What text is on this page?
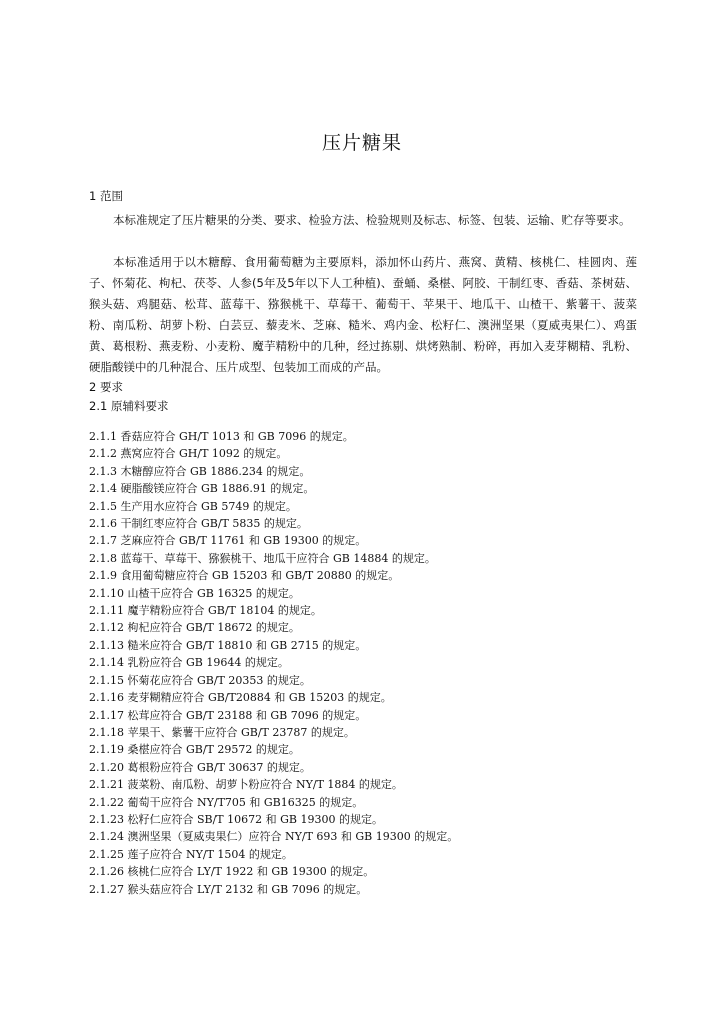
压片糖果
1 范围

本标准规定了压片糖果的分类、要求、检验方法、检验规则及标志、标签、包装、运输、贮存等要求。

本标准适用于以木糖醇、食用葡萄糖为主要原料，添加怀山药片、燕窝、黄精、核桃仁、桂圆肉、莲子、怀菊花、枸杞、茯苓、人参(5年及5年以下人工种植)、蚕蛹、桑椹、阿胶、干制红枣、香菇、茶树菇、猴头菇、鸡腿菇、松茸、蓝莓干、猕猴桃干、草莓干、葡萄干、苹果干、地瓜干、山楂干、紫薯干、菠菜粉、南瓜粉、胡萝卜粉、白芸豆、藜麦米、芝麻、糙米、鸡内金、松籽仁、澳洲坚果（夏威夷果仁）、鸡蛋黄、葛根粉、燕麦粉、小麦粉、魔芋精粉中的几种，经过拣剔、烘烤熟制、粉碎，再加入麦芽糊精、乳粉、硬脂酸镁中的几种混合、压片成型、包装加工而成的产品。

2 要求
2.1 原辅料要求
2.1.1 香菇应符合 GH/T 1013 和 GB 7096 的规定。
2.1.2 燕窝应符合 GH/T 1092 的规定。
2.1.3 木糖醇应符合 GB 1886.234 的规定。
2.1.4 硬脂酸镁应符合 GB 1886.91 的规定。
2.1.5 生产用水应符合 GB 5749 的规定。
2.1.6 干制红枣应符合 GB/T 5835 的规定。
2.1.7 芝麻应符合 GB/T 11761 和 GB 19300 的规定。
2.1.8 蓝莓干、草莓干、猕猴桃干、地瓜干应符合 GB 14884 的规定。
2.1.9 食用葡萄糖应符合 GB 15203 和 GB/T 20880 的规定。
2.1.10 山楂干应符合 GB 16325 的规定。
2.1.11 魔芋精粉应符合 GB/T 18104 的规定。
2.1.12 枸杞应符合 GB/T 18672 的规定。
2.1.13 糙米应符合 GB/T 18810 和 GB 2715 的规定。
2.1.14 乳粉应符合 GB 19644 的规定。
2.1.15 怀菊花应符合 GB/T 20353 的规定。
2.1.16 麦芽糊精应符合 GB/T20884 和 GB 15203 的规定。
2.1.17 松茸应符合 GB/T 23188 和 GB 7096 的规定。
2.1.18 苹果干、紫薯干应符合 GB/T 23787 的规定。
2.1.19 桑椹应符合 GB/T 29572 的规定。
2.1.20 葛根粉应符合 GB/T 30637 的规定。
2.1.21 菠菜粉、南瓜粉、胡萝卜粉应符合 NY/T 1884 的规定。
2.1.22 葡萄干应符合 NY/T705 和 GB16325 的规定。
2.1.23 松籽仁应符合 SB/T 10672 和 GB 19300 的规定。
2.1.24 澳洲坚果（夏威夷果仁）应符合 NY/T 693 和 GB 19300 的规定。
2.1.25 莲子应符合 NY/T 1504 的规定。
2.1.26 核桃仁应符合 LY/T 1922 和 GB 19300 的规定。
2.1.27 猴头菇应符合 LY/T 2132 和 GB 7096 的规定。
